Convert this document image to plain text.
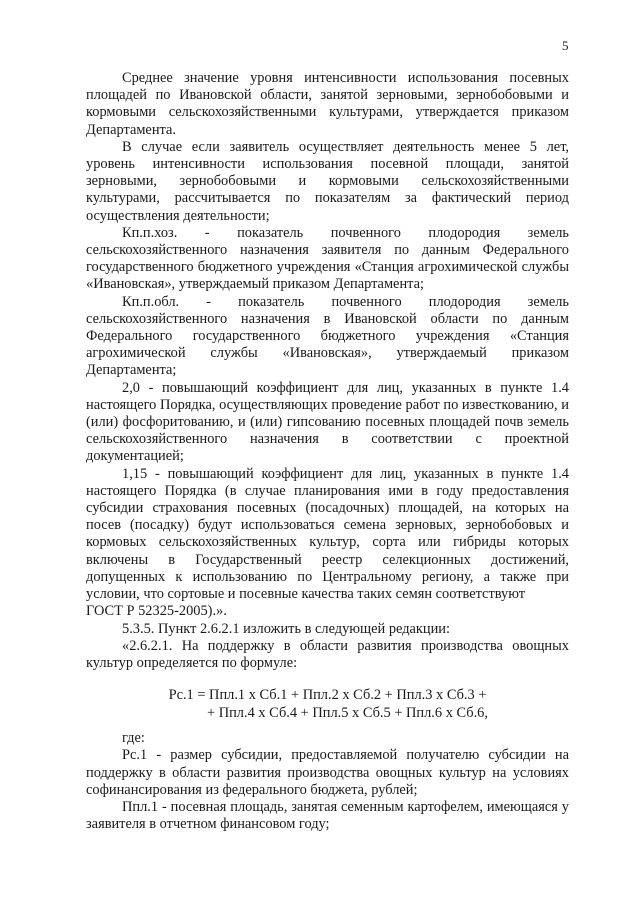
5

Среднее значение уровня интенсивности использования посевных площадей по Ивановской области, занятой зерновыми, зернобобовыми и кормовыми сельскохозяйственными культурами, утверждается приказом Департамента.

В случае если заявитель осуществляет деятельность менее 5 лет, уровень интенсивности использования посевной площади, занятой зерновыми, зернобобовыми и кормовыми сельскохозяйственными культурами, рассчитывается по показателям за фактический период осуществления деятельности;

Кп.п.хоз. - показатель почвенного плодородия земель сельскохозяйственного назначения заявителя по данным Федерального государственного бюджетного учреждения «Станция агрохимической службы «Ивановская», утверждаемый приказом Департамента;

Кп.п.обл. - показатель почвенного плодородия земель сельскохозяйственного назначения в Ивановской области по данным Федерального государственного бюджетного учреждения «Станция агрохимической службы «Ивановская», утверждаемый приказом Департамента;

2,0 - повышающий коэффициент для лиц, указанных в пункте 1.4 настоящего Порядка, осуществляющих проведение работ по известкованию, и (или) фосфоритованию, и (или) гипсованию посевных площадей почв земель сельскохозяйственного назначения в соответствии с проектной документацией;

1,15 - повышающий коэффициент для лиц, указанных в пункте 1.4 настоящего Порядка (в случае планирования ими в году предоставления субсидии страхования посевных (посадочных) площадей, на которых на посев (посадку) будут использоваться семена зерновых, зернобобовых и кормовых сельскохозяйственных культур, сорта или гибриды которых включены в Государственный реестр селекционных достижений, допущенных к использованию по Центральному региону, а также при условии, что сортовые и посевные качества таких семян соответствуют

ГОСТ Р 52325-2005).».

5.3.5. Пункт 2.6.2.1 изложить в следующей редакции:

«2.6.2.1. На поддержку в области развития производства овощных культур определяется по формуле:

Рс.1 = Ппл.1 x Сб.1 + Ппл.2 x Сб.2 + Ппл.3 x Сб.3 +
+ Ппл.4 x Сб.4 + Ппл.5 x Сб.5 + Ппл.6 x Сб.6,

где:

Рс.1 - размер субсидии, предоставляемой получателю субсидии на поддержку в области развития производства овощных культур на условиях софинансирования из федерального бюджета, рублей;

Ппл.1 - посевная площадь, занятая семенным картофелем, имеющаяся у заявителя в отчетном финансовом году;
